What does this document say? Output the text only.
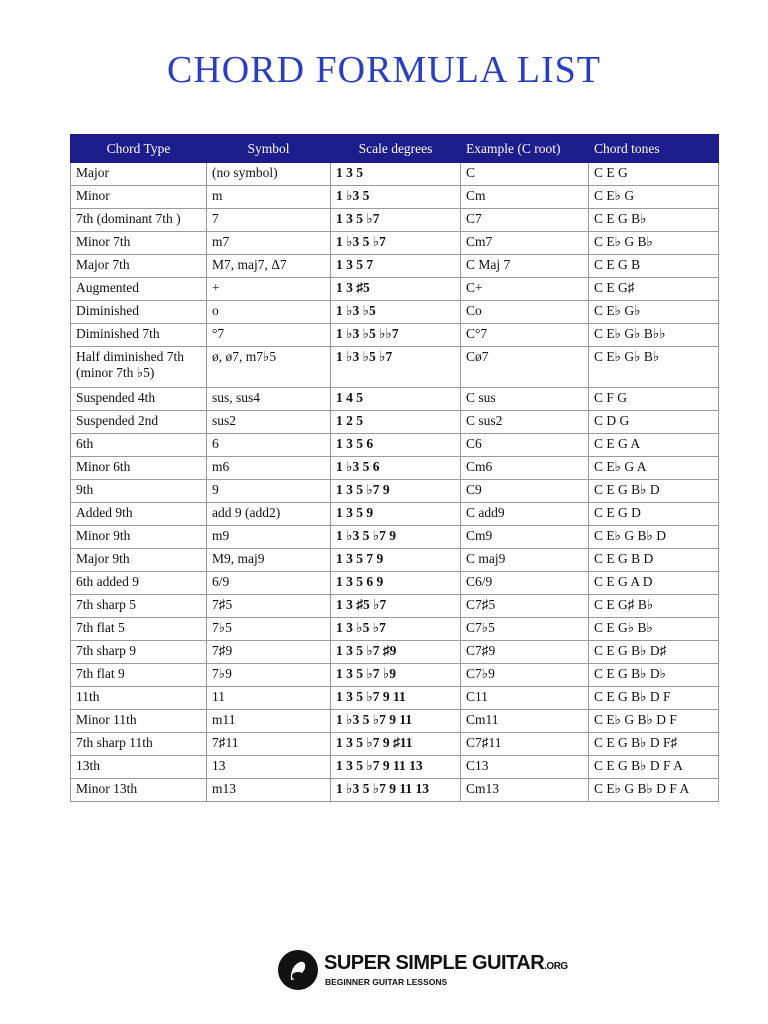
CHORD FORMULA LIST
Chord Type	Symbol	Scale degrees	Example (C root)	Chord tones
Major	(no symbol)	1 3 5	C	C E G
Minor	m	1 ♭3 5	Cm	C E♭ G
7th (dominant 7th )	7	1 3 5 ♭7	C7	C E G B♭
Minor 7th	m7	1 ♭3 5 ♭7	Cm7	C E♭ G B♭
Major 7th	M7, maj7, Δ7	1 3 5 7	C Maj 7	C E G B
Augmented	+	1 3 ♯5	C+	C E G♯
Diminished	o	1 ♭3 ♭5	Co	C E♭ G♭
Diminished 7th	°7	1 ♭3 ♭5 ♭♭7	C°7	C E♭ G♭ B♭♭
Half diminished 7th (minor 7th ♭5)	ø, ø7, m7♭5	1 ♭3 ♭5 ♭7	Cø7	C E♭ G♭ B♭
Suspended 4th	sus, sus4	1 4 5	C sus	C F G
Suspended 2nd	sus2	1 2 5	C sus2	C D G
6th	6	1 3 5 6	C6	C E G A
Minor 6th	m6	1 ♭3 5 6	Cm6	C E♭ G A
9th	9	1 3 5 ♭7 9	C9	C E G B♭ D
Added 9th	add 9 (add2)	1 3 5 9	C add9	C E G D
Minor 9th	m9	1 ♭3 5 ♭7 9	Cm9	C E♭ G B♭ D
Major 9th	M9, maj9	1 3 5 7 9	C maj9	C E G B D
6th added 9	6/9	1 3 5 6 9	C6/9	C E G A D
7th sharp 5	7♯5	1 3 ♯5 ♭7	C7♯5	C E G♯ B♭
7th flat 5	7♭5	1 3 ♭5 ♭7	C7♭5	C E G♭ B♭
7th sharp 9	7♯9	1 3 5 ♭7 ♯9	C7♯9	C E G B♭ D♯
7th flat 9	7♭9	1 3 5 ♭7 ♭9	C7♭9	C E G B♭ D♭
11th	11	1 3 5 ♭7 9 11	C11	C E G B♭ D F
Minor 11th	m11	1 ♭3 5 ♭7 9 11	Cm11	C E♭ G B♭ D F
7th sharp 11th	7♯11	1 3 5 ♭7 9 ♯11	C7♯11	C E G B♭ D F♯
13th	13	1 3 5 ♭7 9 11 13	C13	C E G B♭ D F A
Minor 13th	m13	1 ♭3 5 ♭7 9 11 13	Cm13	C E♭ G B♭ D F A
SUPER SIMPLE GUITAR.ORG
BEGINNER GUITAR LESSONS
